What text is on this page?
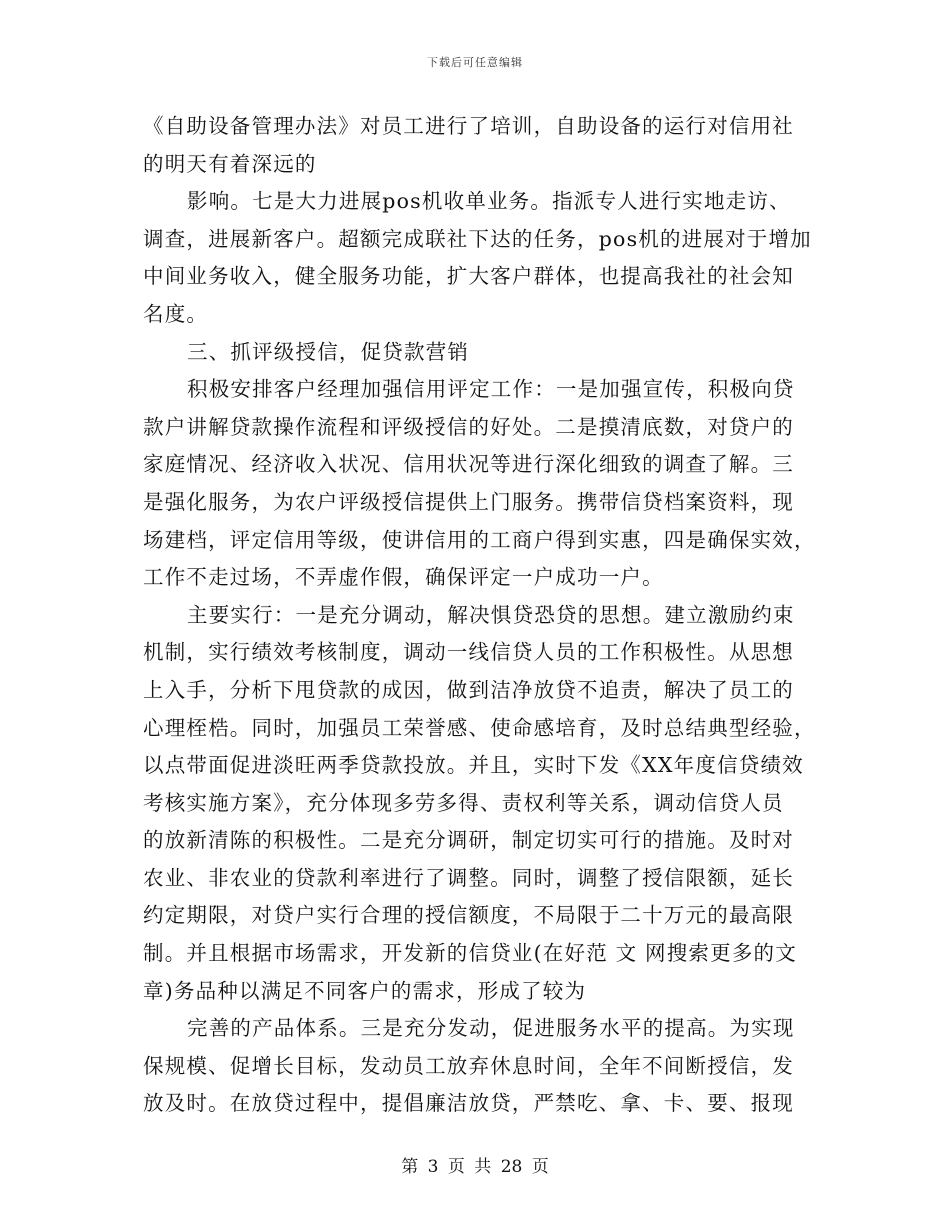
下载后可任意编辑
《自助设备管理办法》对员工进行了培训，自助设备的运行对信用社
的明天有着深远的
影响。七是大力进展pos机收单业务。指派专人进行实地走访、
调查，进展新客户。超额完成联社下达的任务，pos机的进展对于增加
中间业务收入，健全服务功能，扩大客户群体，也提高我社的社会知
名度。
三、抓评级授信，促贷款营销
积极安排客户经理加强信用评定工作：一是加强宣传，积极向贷
款户讲解贷款操作流程和评级授信的好处。二是摸清底数，对贷户的
家庭情况、经济收入状况、信用状况等进行深化细致的调查了解。三
是强化服务，为农户评级授信提供上门服务。携带信贷档案资料，现
场建档，评定信用等级，使讲信用的工商户得到实惠，四是确保实效，
工作不走过场，不弄虚作假，确保评定一户成功一户。
主要实行：一是充分调动，解决惧贷恐贷的思想。建立激励约束
机制，实行绩效考核制度，调动一线信贷人员的工作积极性。从思想
上入手，分析下甩贷款的成因，做到洁净放贷不追责，解决了员工的
心理桎梏。同时，加强员工荣誉感、使命感培育，及时总结典型经验，
以点带面促进淡旺两季贷款投放。并且，实时下发《XX年度信贷绩效
考核实施方案》，充分体现多劳多得、责权利等关系，调动信贷人员
的放新清陈的积极性。二是充分调研，制定切实可行的措施。及时对
农业、非农业的贷款利率进行了调整。同时，调整了授信限额，延长
约定期限，对贷户实行合理的授信额度，不局限于二十万元的最高限
制。并且根据市场需求，开发新的信贷业(在好范 文 网搜索更多的文
章)务品种以满足不同客户的需求，形成了较为
完善的产品体系。三是充分发动，促进服务水平的提高。为实现
保规模、促增长目标，发动员工放弃休息时间，全年不间断授信，发
放及时。在放贷过程中，提倡廉洁放贷，严禁吃、拿、卡、要、报现
第 3 页 共 28 页
